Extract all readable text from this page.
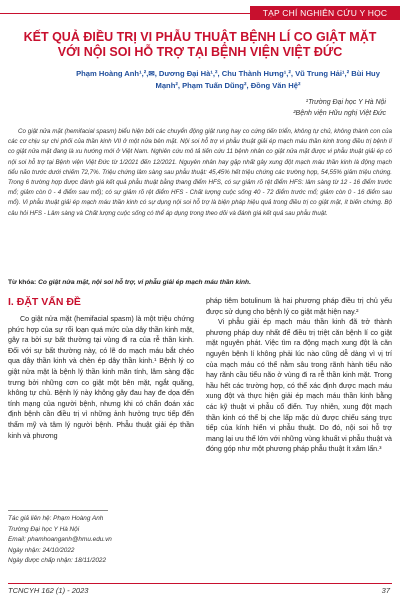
TẠP CHÍ NGHIÊN CỨU Y HỌC
KẾT QUẢ ĐIỀU TRỊ VI PHẪU THUẬT BỆNH LÍ CO GIẬT MẶT VỚI NỘI SOI HỖ TRỢ TẠI BỆNH VIỆN VIỆT ĐỨC
Phạm Hoàng Anh¹,²,✉, Dương Đại Hà¹,², Chu Thành Hưng¹,², Vũ Trung Hải¹,² Bùi Huy Mạnh², Phạm Tuấn Dũng², Đồng Văn Hệ²
¹Trường Đại học Y Hà Nội
²Bệnh viện Hữu nghị Việt Đức

Co giật nửa mặt (hemifacial spasm) biểu hiện bởi các chuyển động giật rung hay co cứng tiến triển, không tự chủ, không thành con của các cơ chịu sự chi phối của thần kinh VII ở một nửa bên mặt. Nội soi hỗ trợ vi phẫu thuật giải ép mạch máu thần kinh trong điều trị bệnh lí co giật nửa mặt đang là xu hướng mới ở Việt Nam. Nghiên cứu mô tả tiến cứu 11 bệnh nhân co giật nửa mặt được vi phẫu thuật giải ép có nội soi hỗ trợ tại Bệnh viện Việt Đức từ 1/2021 đến 12/2021. Nguyên nhân hay gặp nhất gây xung đột mạch máu thần kinh là động mạch tiểu não trước dưới chiếm 72,7%. Triệu chứng lâm sàng sau phẫu thuật: 45,45% hết triệu chứng các trường hợp, 54,55% giảm triệu chứng. Trong 6 trường hợp được đánh giá kết quả phẫu thuật bằng thang điểm HFS, có sự giảm rõ rệt điểm HFS: lâm sàng từ 12 - 16 điểm trước mổ; giảm còn 0 - 4 điểm sau mổ); có sự giảm rõ rệt điểm HFS - Chất lượng cuộc sống 40 - 72 điểm trước mổ; giảm còn 0 - 16 điểm sau mổ). Vi phẫu thuật giải ép mạch máu thần kinh có sự dụng nội soi hỗ trợ là biện pháp hiệu quả trong điều trị co giật mặt, ít biến chứng. Bộ câu hỏi HFS - Lâm sàng và Chất lượng cuộc sống có thể áp dụng trong theo dõi và đánh giá kết quả sau phẫu thuật.

Từ khóa: Co giật nửa mặt, nội soi hỗ trợ, vi phẫu giải ép mạch máu thần kinh.
I. ĐẶT VẤN ĐỀ

Co giật nửa mặt (hemifacial spasm) là một triệu chứng phức hợp của sự rối loạn quá mức của dây thần kinh mặt, gây ra bởi sự bất thường tại vùng đi ra của rễ thần kinh. Đối với sự bất thường này, có lẽ do mạch máu bắt chéo qua dây thần kinh và chèn ép dây thần kinh.¹ Bệnh lý co giật nửa mặt là bệnh lý thần kinh mãn tính, lâm sàng đặc trưng bởi những cơn co giật một bên mặt, ngắt quãng, không tự chủ. Bệnh lý này không gây đau hay đe dọa đến tính mạng của người bệnh, nhưng khi có chẩn đoán xác định bệnh cần điều trị vì những ảnh hưởng trực tiếp đến thẩm mỹ và tâm lý người bệnh. Phẫu thuật giải ép thần kinh và phương

pháp tiêm botulinum là hai phương pháp điều trị chủ yếu được sử dụng cho bệnh lý co giật mặt hiện nay.²

Vi phẫu giải ép mạch máu thần kinh đã trở thành phương pháp duy nhất để điều trị triệt căn bệnh lí co giật mặt nguyên phát. Việc tìm ra động mạch xung đột là căn nguyên bệnh lí không phải lúc nào cũng dễ dàng vì vị trí của mạch máu có thể nằm sâu trong rãnh hành tiểu não hay rãnh cầu tiểu não ở vùng đi ra rễ thần kinh mặt. Trong hầu hết các trường hợp, có thể xác định được mạch máu xung đột và thực hiện giải ép mạch máu thần kinh bằng các kỹ thuật vi phẫu cổ điển. Tuy nhiên, xung đột mạch thần kinh có thể bị che lấp mặc dù được chiếu sáng trực tiếp của kính hiển vi phẫu thuật. Do đó, nội soi hỗ trợ mang lại ưu thế lớn với những vùng khuất vi phẫu thuật và đóng góp như một phương pháp phẫu thuật ít xâm lấn.³

Tác giả liên hệ: Phạm Hoàng Anh
Trường Đại học Y Hà Nội
Email: phamhoanganh@hmu.edu.vn
Ngày nhận: 24/10/2022
Ngày được chấp nhận: 18/11/2022
TCNCYH 162 (1) - 2023	37
